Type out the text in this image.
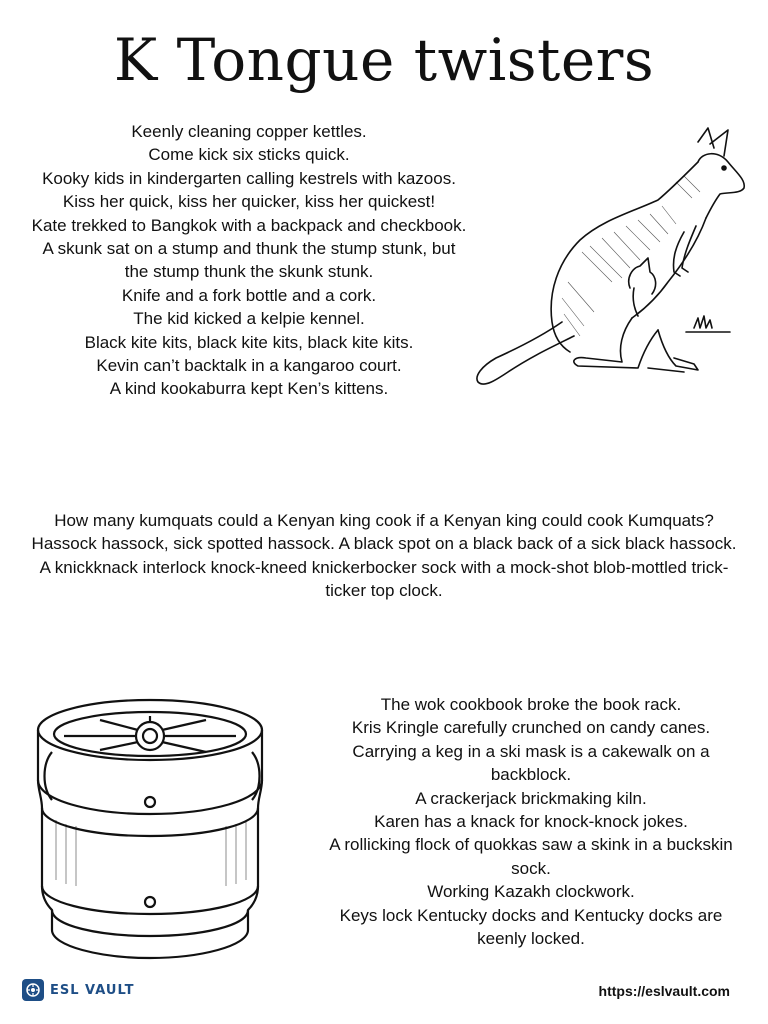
K Tongue twisters
Keenly cleaning copper kettles.
Come kick six sticks quick.
Kooky kids in kindergarten calling kestrels with kazoos.
Kiss her quick, kiss her quicker, kiss her quickest!
Kate trekked to Bangkok with a backpack and checkbook.
A skunk sat on a stump and thunk the stump stunk, but the stump thunk the skunk stunk.
Knife and a fork bottle and a cork.
The kid kicked a kelpie kennel.
Black kite kits, black kite kits, black kite kits.
Kevin can’t backtalk in a kangaroo court.
A kind kookaburra kept Ken’s kittens.
How many kumquats could a Kenyan king cook if a Kenyan king could cook Kumquats?
Hassock hassock, sick spotted hassock. A black spot on a black back of a sick black hassock.
A knickknack interlock knock-kneed knickerbocker sock with a mock-shot blob-mottled trick-ticker top clock.
The wok cookbook broke the book rack.
Kris Kringle carefully crunched on candy canes.
Carrying a keg in a ski mask is a cakewalk on a backblock.
A crackerjack brickmaking kiln.
Karen has a knack for knock-knock jokes.
A rollicking flock of quokkas saw a skink in a buckskin sock.
Working Kazakh clockwork.
Keys lock Kentucky docks and Kentucky docks are keenly locked.
ESL VAULT	https://eslvault.com
